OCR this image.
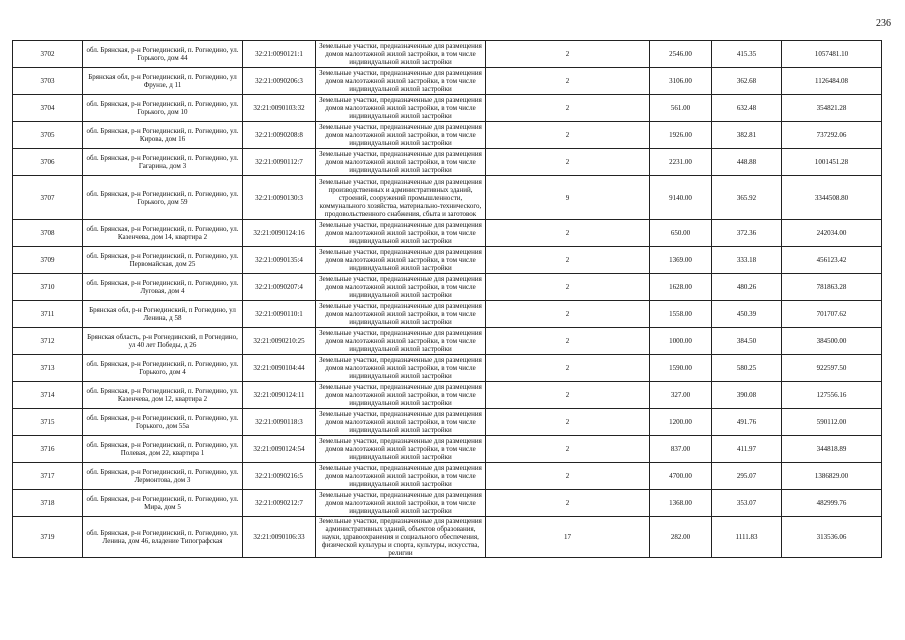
236
3702	обл. Брянская, р-н Рогнединский, п. Рогнедино, ул. Горького, дом 44	32:21:0090121:1	Земельные участки, предназначенные для размещения домов малоэтажной жилой застройки, в том числе индивидуальной жилой застройки	2	2546.00	415.35	1057481.10
3703	Брянская обл, р-н Рогнединский, п. Рогнедино, ул Фрунзе, д 11	32:21:0090206:3	Земельные участки, предназначенные для размещения домов малоэтажной жилой застройки, в том числе индивидуальной жилой застройки	2	3106.00	362.68	1126484.08
3704	обл. Брянская, р-н Рогнединский, п. Рогнедино, ул. Горького, дом 10	32:21:0090103:32	Земельные участки, предназначенные для размещения домов малоэтажной жилой застройки, в том числе индивидуальной жилой застройки	2	561.00	632.48	354821.28
3705	обл. Брянская, р-н Рогнединский, п. Рогнедино, ул. Кирова, дом 16	32:21:0090208:8	Земельные участки, предназначенные для размещения домов малоэтажной жилой застройки, в том числе индивидуальной жилой застройки	2	1926.00	382.81	737292.06
3706	обл. Брянская, р-н Рогнединский, п. Рогнедино, ул. Гагарина, дом 3	32:21:0090112:7	Земельные участки, предназначенные для размещения домов малоэтажной жилой застройки, в том числе индивидуальной жилой застройки	2	2231.00	448.88	1001451.28
3707	обл. Брянская, р-н Рогнединский, п. Рогнедино, ул. Горького, дом 59	32:21:0090130:3	Земельные участки, предназначенные для размещения производственных и административных зданий, строений, сооружений промышленности, коммунального хозяйства, материально-технического, продовольственного снабжения, сбыта и заготовок	9	9140.00	365.92	3344508.80
3708	обл. Брянская, р-н Рогнединский, п. Рогнедино, ул. Казенчева, дом 14, квартира 2	32:21:0090124:16	Земельные участки, предназначенные для размещения домов малоэтажной жилой застройки, в том числе индивидуальной жилой застройки	2	650.00	372.36	242034.00
3709	обл. Брянская, р-н Рогнединский, п. Рогнедино, ул. Первомайская, дом 25	32:21:0090135:4	Земельные участки, предназначенные для размещения домов малоэтажной жилой застройки, в том числе индивидуальной жилой застройки	2	1369.00	333.18	456123.42
3710	обл. Брянская, р-н Рогнединский, п. Рогнедино, ул. Луговая, дом 4	32:21:0090207:4	Земельные участки, предназначенные для размещения домов малоэтажной жилой застройки, в том числе индивидуальной жилой застройки	2	1628.00	480.26	781863.28
3711	Брянская обл, р-н Рогнединский, п Рогнедино, ул Ленина, д 58	32:21:0090110:1	Земельные участки, предназначенные для размещения домов малоэтажной жилой застройки, в том числе индивидуальной жилой застройки	2	1558.00	450.39	701707.62
3712	Брянская область, р-н Рогнединский, п Рогнедино, ул 40 лет Победы, д 26	32:21:0090210:25	Земельные участки, предназначенные для размещения домов малоэтажной жилой застройки, в том числе индивидуальной жилой застройки	2	1000.00	384.50	384500.00
3713	обл. Брянская, р-н Рогнединский, п. Рогнедино, ул. Горького, дом 4	32:21:0090104:44	Земельные участки, предназначенные для размещения домов малоэтажной жилой застройки, в том числе индивидуальной жилой застройки	2	1590.00	580.25	922597.50
3714	обл. Брянская, р-н Рогнединский, п. Рогнедино, ул. Казенчева, дом 12, квартира 2	32:21:0090124:11	Земельные участки, предназначенные для размещения домов малоэтажной жилой застройки, в том числе индивидуальной жилой застройки	2	327.00	390.08	127556.16
3715	обл. Брянская, р-н Рогнединский, п. Рогнедино, ул. Горького, дом 55а	32:21:0090118:3	Земельные участки, предназначенные для размещения домов малоэтажной жилой застройки, в том числе индивидуальной жилой застройки	2	1200.00	491.76	590112.00
3716	обл. Брянская, р-н Рогнединский, п. Рогнедино, ул. Полевая, дом 22, квартира 1	32:21:0090124:54	Земельные участки, предназначенные для размещения домов малоэтажной жилой застройки, в том числе индивидуальной жилой застройки	2	837.00	411.97	344818.89
3717	обл. Брянская, р-н Рогнединский, п. Рогнедино, ул. Лермонтова, дом 3	32:21:0090216:5	Земельные участки, предназначенные для размещения домов малоэтажной жилой застройки, в том числе индивидуальной жилой застройки	2	4700.00	295.07	1386829.00
3718	обл. Брянская, р-н Рогнединский, п. Рогнедино, ул. Мира, дом 5	32:21:0090212:7	Земельные участки, предназначенные для размещения домов малоэтажной жилой застройки, в том числе индивидуальной жилой застройки	2	1368.00	353.07	482999.76
3719	обл. Брянская, р-н Рогнединский, п. Рогнедино, ул. Ленина, дом 46, владение Типографская	32:21:0090106:33	Земельные участки, предназначенные для размещения административных зданий, объектов образования, науки, здравоохранения и социального обеспечения, физической культуры и спорта, культуры, искусства, религии	17	282.00	1111.83	313536.06
